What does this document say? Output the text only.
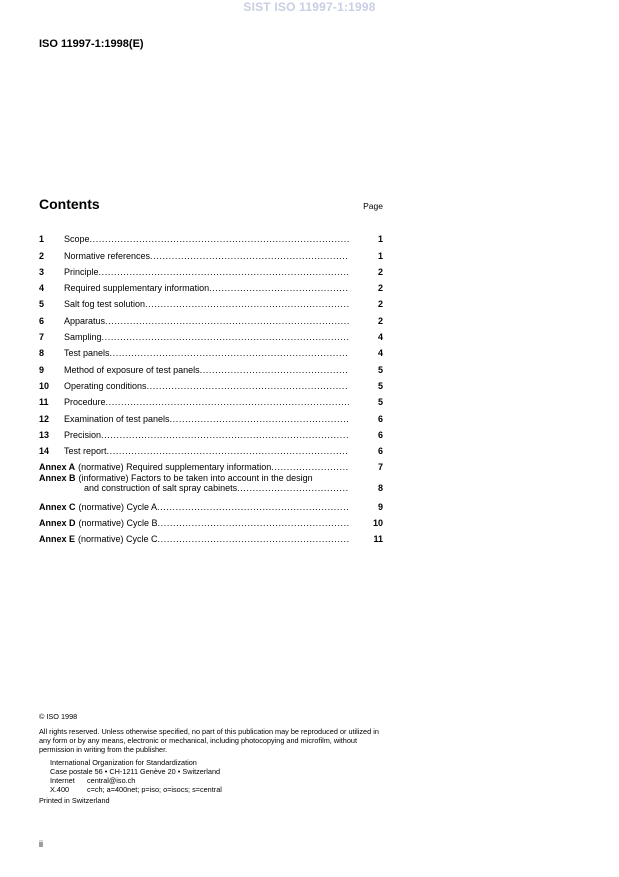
SIST ISO 11997-1:1998
ISO 11997-1:1998(E)
Contents	Page
1	Scope .....	1
2	Normative references .....	1
3	Principle .....	2
4	Required supplementary information .....	2
5	Salt fog test solution .....	2
6	Apparatus .....	2
7	Sampling .....	4
8	Test panels .....	4
9	Method of exposure of test panels .....	5
10	Operating conditions .....	5
11	Procedure .....	5
12	Examination of test panels .....	6
13	Precision .....	6
14	Test report .....	6
Annex A (normative) Required supplementary information .....	7
Annex B (informative) Factors to be taken into account in the design
and construction of salt spray cabinets .....	8
Annex C (normative) Cycle A .....	9
Annex D (normative) Cycle B .....	10
Annex E (normative) Cycle C .....	11
© ISO 1998
All rights reserved. Unless otherwise specified, no part of this publication may be reproduced or utilized in any form or by any means, electronic or mechanical, including photocopying and microfilm, without permission in writing from the publisher.
International Organization for Standardization
Case postale 56 • CH-1211 Genève 20 • Switzerland
Internet	central@iso.ch
X.400	c=ch; a=400net; p=iso; o=isocs; s=central
Printed in Switzerland
ii
